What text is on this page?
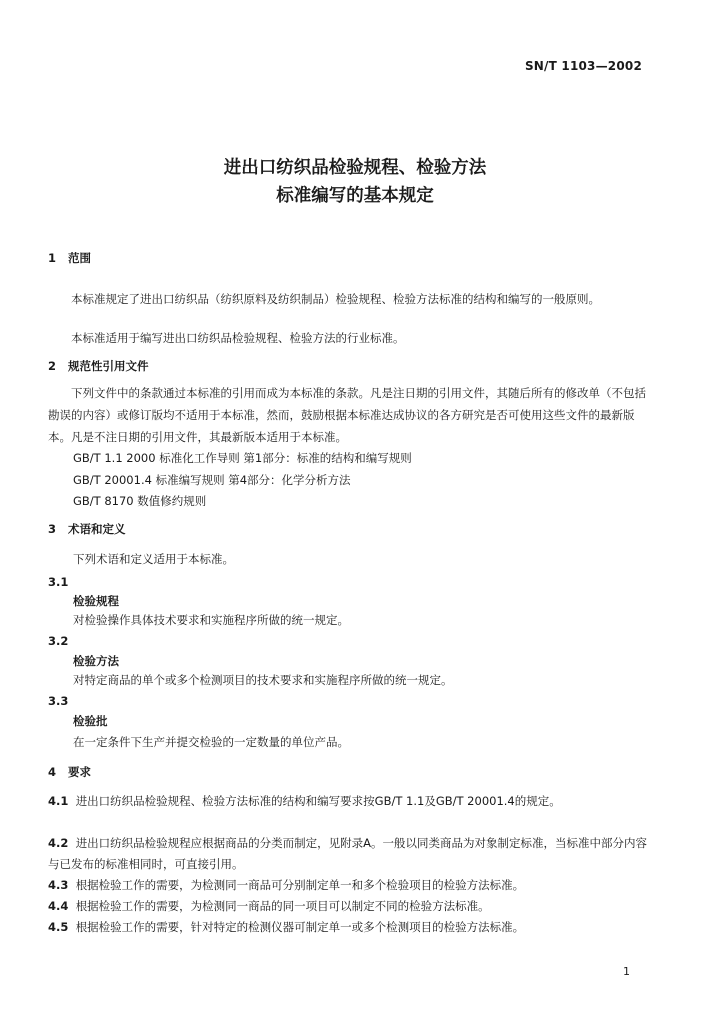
SN/T 1103—2002
进出口纺织品检验规程、检验方法
标准编写的基本规定
1 范围
本标准规定了进出口纺织品（纺织原料及纺织制品）检验规程、检验方法标准的结构和编写的一般原则。
本标准适用于编写进出口纺织品检验规程、检验方法的行业标准。
2 规范性引用文件
下列文件中的条款通过本标准的引用而成为本标准的条款。凡是注日期的引用文件，其随后所有的修改单（不包括勘误的内容）或修订版均不适用于本标准，然而，鼓励根据本标准达成协议的各方研究是否可使用这些文件的最新版本。凡是不注日期的引用文件，其最新版本适用于本标准。
GB/T 1.1 2000 标准化工作导则 第1部分：标准的结构和编写规则
GB/T 20001.4 标准编写规则 第4部分：化学分析方法
GB/T 8170 数值修约规则
3 术语和定义
下列术语和定义适用于本标准。
3.1
检验规程
对检验操作具体技术要求和实施程序所做的统一规定。
3.2
检验方法
对特定商品的单个或多个检测项目的技术要求和实施程序所做的统一规定。
3.3
检验批
在一定条件下生产并提交检验的一定数量的单位产品。
4 要求
4.1 进出口纺织品检验规程、检验方法标准的结构和编写要求按GB/T 1.1及GB/T 20001.4的规定。
4.2 进出口纺织品检验规程应根据商品的分类而制定，见附录A。一般以同类商品为对象制定标准，当标准中部分内容与已发布的标准相同时，可直接引用。
4.3 根据检验工作的需要，为检测同一商品可分别制定单一和多个检验项目的检验方法标准。
4.4 根据检验工作的需要，为检测同一商品的同一项目可以制定不同的检验方法标准。
4.5 根据检验工作的需要，针对特定的检测仪器可制定单一或多个检测项目的检验方法标准。
1
